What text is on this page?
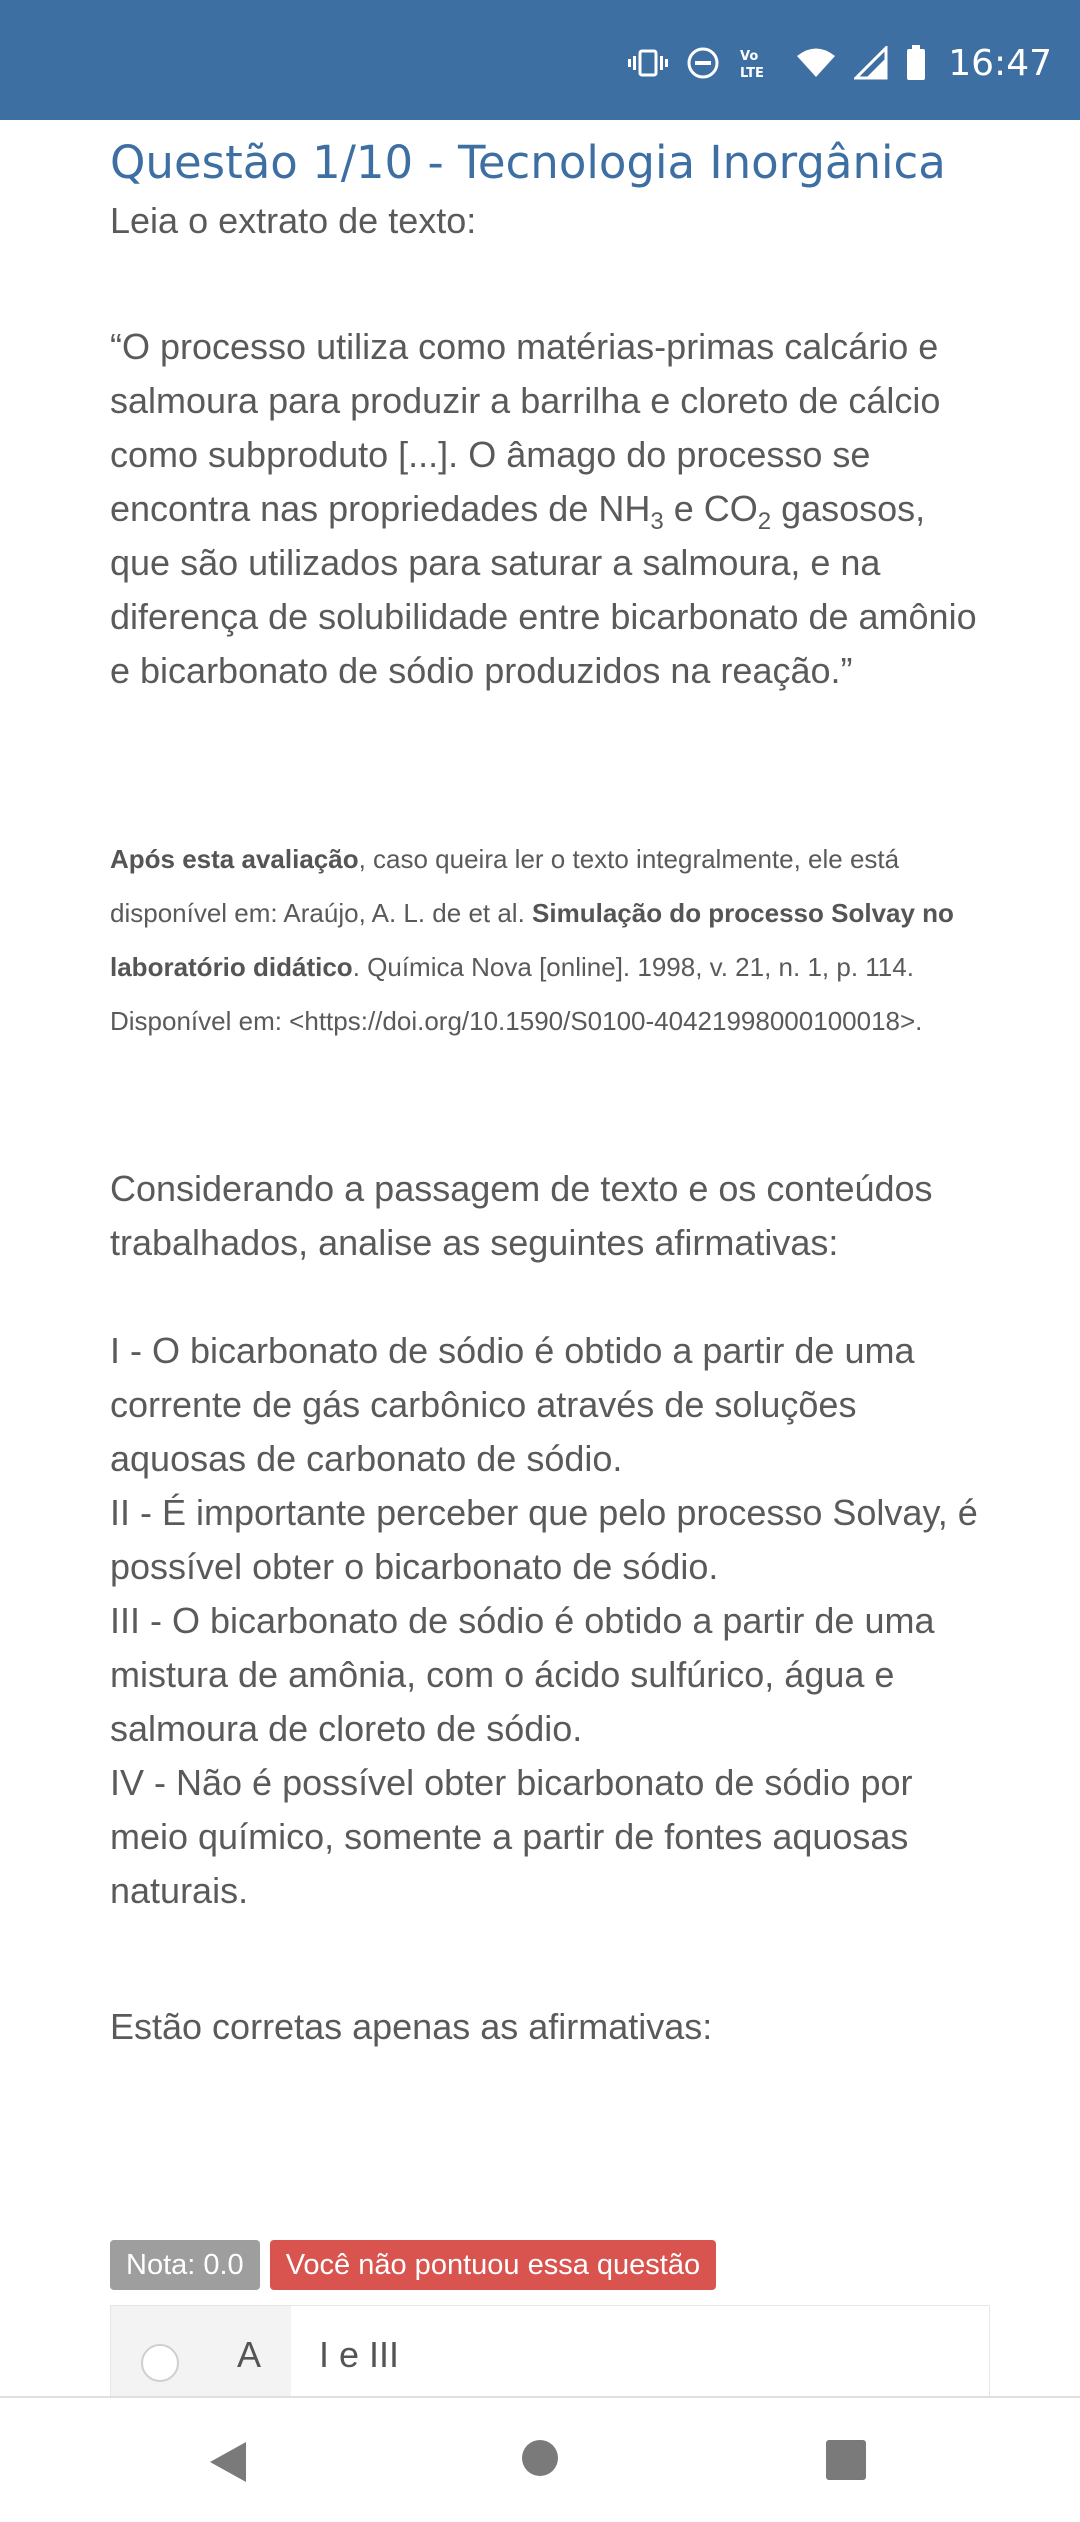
Vo
LTE	16:47
Questão 1/10 - Tecnologia Inorgânica

Leia o extrato de texto:

“O processo utiliza como matérias-primas calcário e salmoura para produzir a barrilha e cloreto de cálcio como subproduto [...]. O âmago do processo se encontra nas propriedades de $NH_3$ e $CO_2$ gasosos, que são utilizados para saturar a salmoura, e na diferença de solubilidade entre bicarbonato de amônio e bicarbonato de sódio produzidos na reação.”

Após esta avaliação, caso queira ler o texto integralmente, ele está disponível em: Araújo, A. L. de et al. Simulação do processo Solvay no laboratório didático. Química Nova [online]. 1998, v. 21, n. 1, p. 114. Disponível em: <https://doi.org/10.1590/S0100-40421998000100018>.

Considerando a passagem de texto e os conteúdos trabalhados, analise as seguintes afirmativas:

I - O bicarbonato de sódio é obtido a partir de uma corrente de gás carbônico através de soluções aquosas de carbonato de sódio.
II - É importante perceber que pelo processo Solvay, é possível obter o bicarbonato de sódio.
III - O bicarbonato de sódio é obtido a partir de uma mistura de amônia, com o ácido sulfúrico, água e salmoura de cloreto de sódio.
IV - Não é possível obter bicarbonato de sódio por meio químico, somente a partir de fontes aquosas naturais.

Estão corretas apenas as afirmativas:

Nota: 0.0	Você não pontuou essa questão
A I e III
